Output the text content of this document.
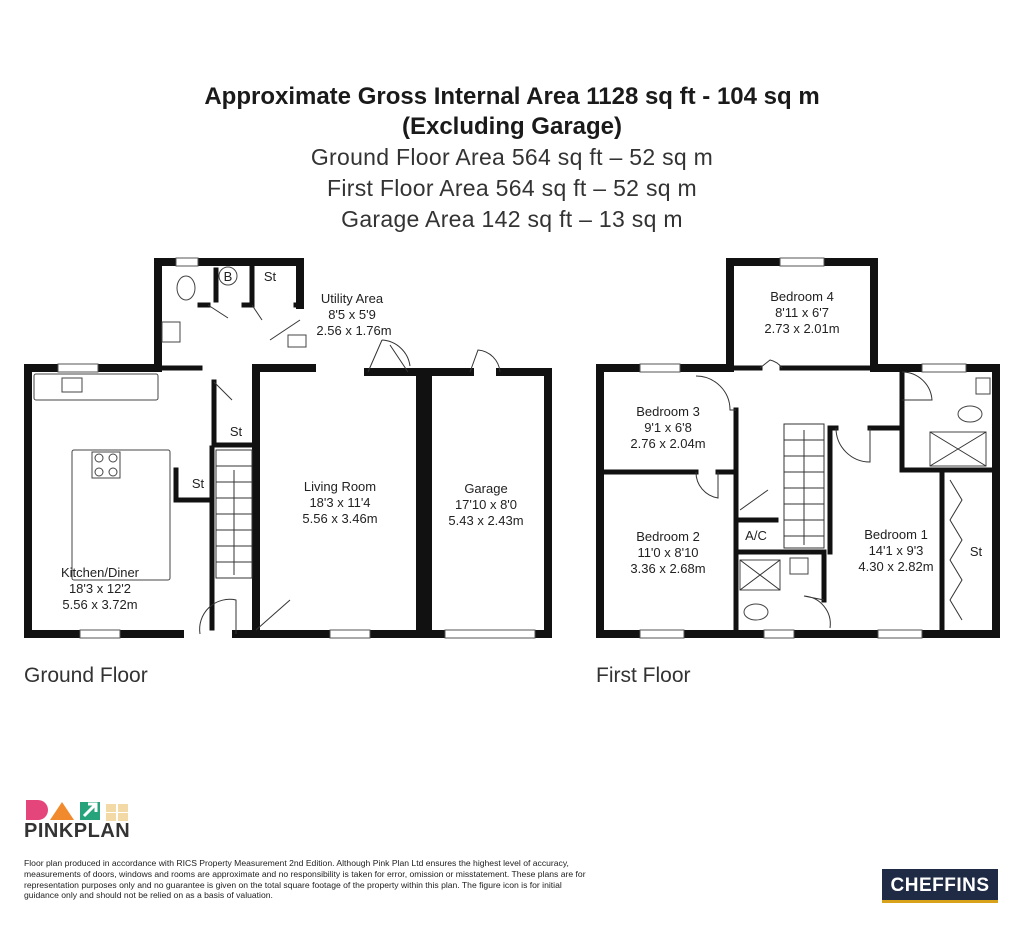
Approximate Gross Internal Area 1128 sq ft - 104 sq m
(Excluding Garage)
Ground Floor Area 564 sq ft – 52 sq m
First Floor Area 564 sq ft – 52 sq m
Garage Area 142 sq ft – 13 sq m
B St
St
St
Utility Area
8'5 x 5'9
2.56 x 1.76m
Living Room
18'3 x 11'4
5.56 x 3.46m
Garage
17'10 x 8'0
5.43 x 2.43m
Kitchen/Diner
18'3 x 12'2
5.56 x 3.72m
Bedroom 4
8'11 x 6'7
2.73 x 2.01m
Bedroom 3
9'1 x 6'8
2.76 x 2.04m
Bedroom 2
11'0 x 8'10
3.36 x 2.68m
Bedroom 1
14'1 x 9'3
4.30 x 2.82m
A/C
St
Ground Floor	First Floor
PINKPLAN
Floor plan produced in accordance with RICS Property Measurement 2nd Edition. Although Pink Plan Ltd ensures the highest level of accuracy, measurements of doors, windows and rooms are approximate and no responsibility is taken for error, omission or misstatement. These plans are for representation purposes only and no guarantee is given on the total square footage of the property within this plan. The figure icon is for initial guidance only and should not be relied on as a basis of valuation.	CHEFFINS
